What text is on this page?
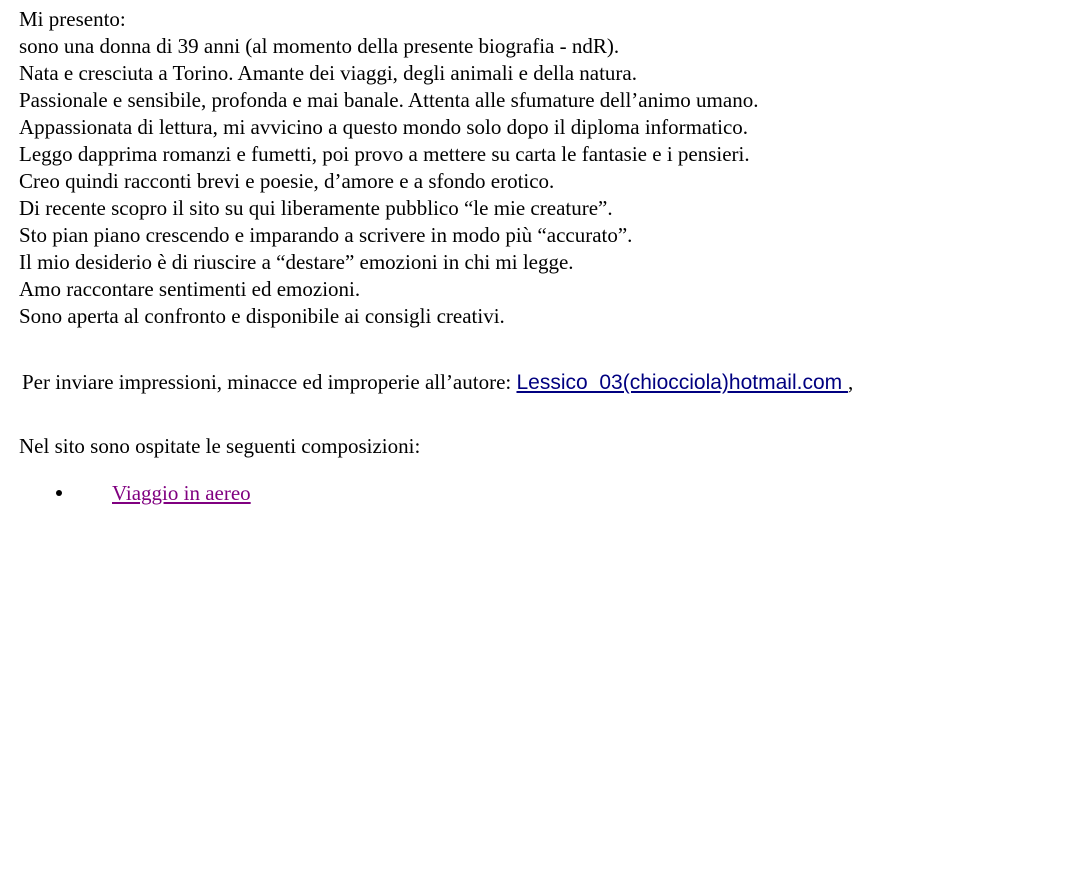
Mi presento:
sono una donna di 39 anni (al momento della presente biografia - ndR).
Nata e cresciuta a Torino. Amante dei viaggi, degli animali e della natura.
Passionale e sensibile, profonda e mai banale. Attenta alle sfumature dell’animo umano.
Appassionata di lettura, mi avvicino a questo mondo solo dopo il diploma informatico.
Leggo dapprima romanzi e fumetti, poi provo a mettere su carta le fantasie e i pensieri.
Creo quindi racconti brevi e poesie, d’amore e a sfondo erotico.
Di recente scopro il sito su qui liberamente pubblico “le mie creature”.
Sto pian piano crescendo e imparando a scrivere in modo più “accurato”.
Il mio desiderio è di riuscire a “destare” emozioni in chi mi legge.
Amo raccontare sentimenti ed emozioni.
Sono aperta al confronto e disponibile ai consigli creativi.
Per inviare impressioni, minacce ed improperie all’autore: Lessico_03(chiocciola)hotmail.com ,
Nel sito sono ospitate le seguenti composizioni:
Viaggio in aereo
